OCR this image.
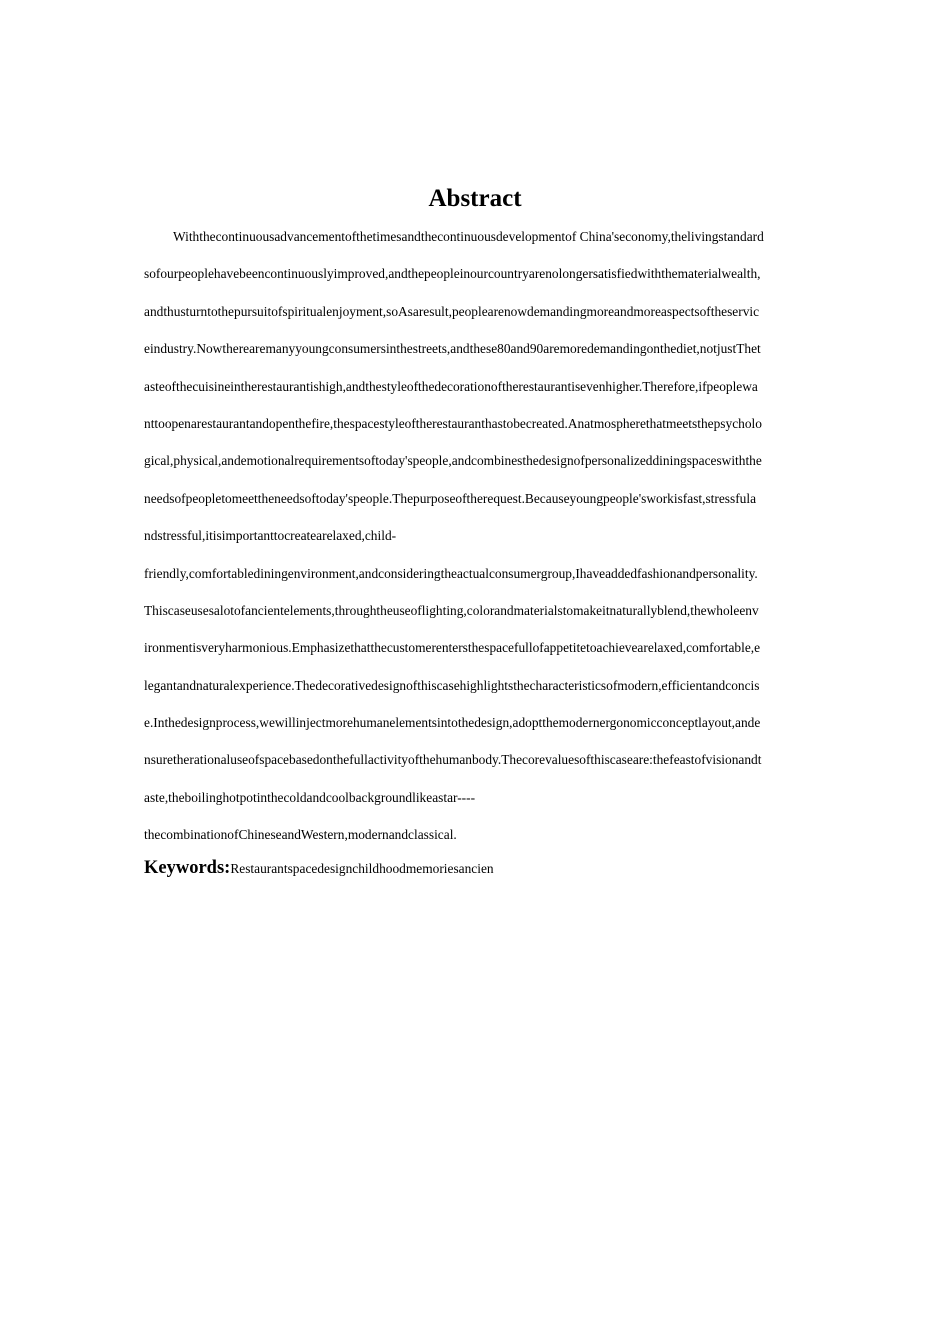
Abstract
Withthecontinuousadvancementofthetimesandthecontinuousdevelopmentof China'seconomy,thelivingstandard
sofourpeoplehavebeencontinuouslyimproved,andthepeopleinourcountryarenolongersatisfiedwiththematerialwealth,
andthusturntothepursuitofspiritualenjoyment,soAsaresult,peoplearenowdemandingmoreandmoreaspectsoftheservic
eindustry.Nowtherearemanyyoungconsumersinthestreets,andthese80and90aremoredemandingonthediet,notjustThet
asteofthecuisineintherestaurantishigh,andthestyleofthedecorationoftherestaurantisevenhigher.Therefore,ifpeoplewa
nttoopenarestaurantandopenthefire,thespacestyleoftherestauranthastobecreated.Anatmospherethatmeetsthepsycholo
gical,physical,andemotionalrequirementsoftoday'speople,andcombinesthedesignofpersonalizeddiningspaceswiththe
needsofpeopletomeettheneedsoftoday'speople.Thepurposeoftherequest.Becauseyoungpeople'sworkisfast,stressfula
ndstressful,itisimportanttocreatearelaxed,child-
friendly,comfortablediningenvironment,andconsideringtheactualconsumergroup,Ihaveaddedfashionandpersonality.
Thiscaseusesalotofancientelements,throughtheuseoflighting,colorandmaterialstomakeitnaturallyblend,thewholeenv
ironmentisveryharmonious.Emphasizethatthecustomerentersthespacefullofappetitetoachievearelaxed,comfortable,e
legantandnaturalexperience.Thedecorativedesignofthiscasehighlightsthecharacteristicsofmodern,efficientandconcis
e.Inthedesignprocess,wewillinjectmorehumanelementsintothedesign,adoptthemodernergonomicconceptlayout,ande
nsuretherationaluseofspacebasedonthefullactivityofthehumanbody.Thecorevaluesofthiscaseare:thefeastofvisionandt
aste,theboilinghotpotinthecoldandcoolbackgroundlikeastar----
thecombinationofChineseandWestern,modernandclassical.
Keywords:Restaurantspacedesignchildhoodmemoriesancien
